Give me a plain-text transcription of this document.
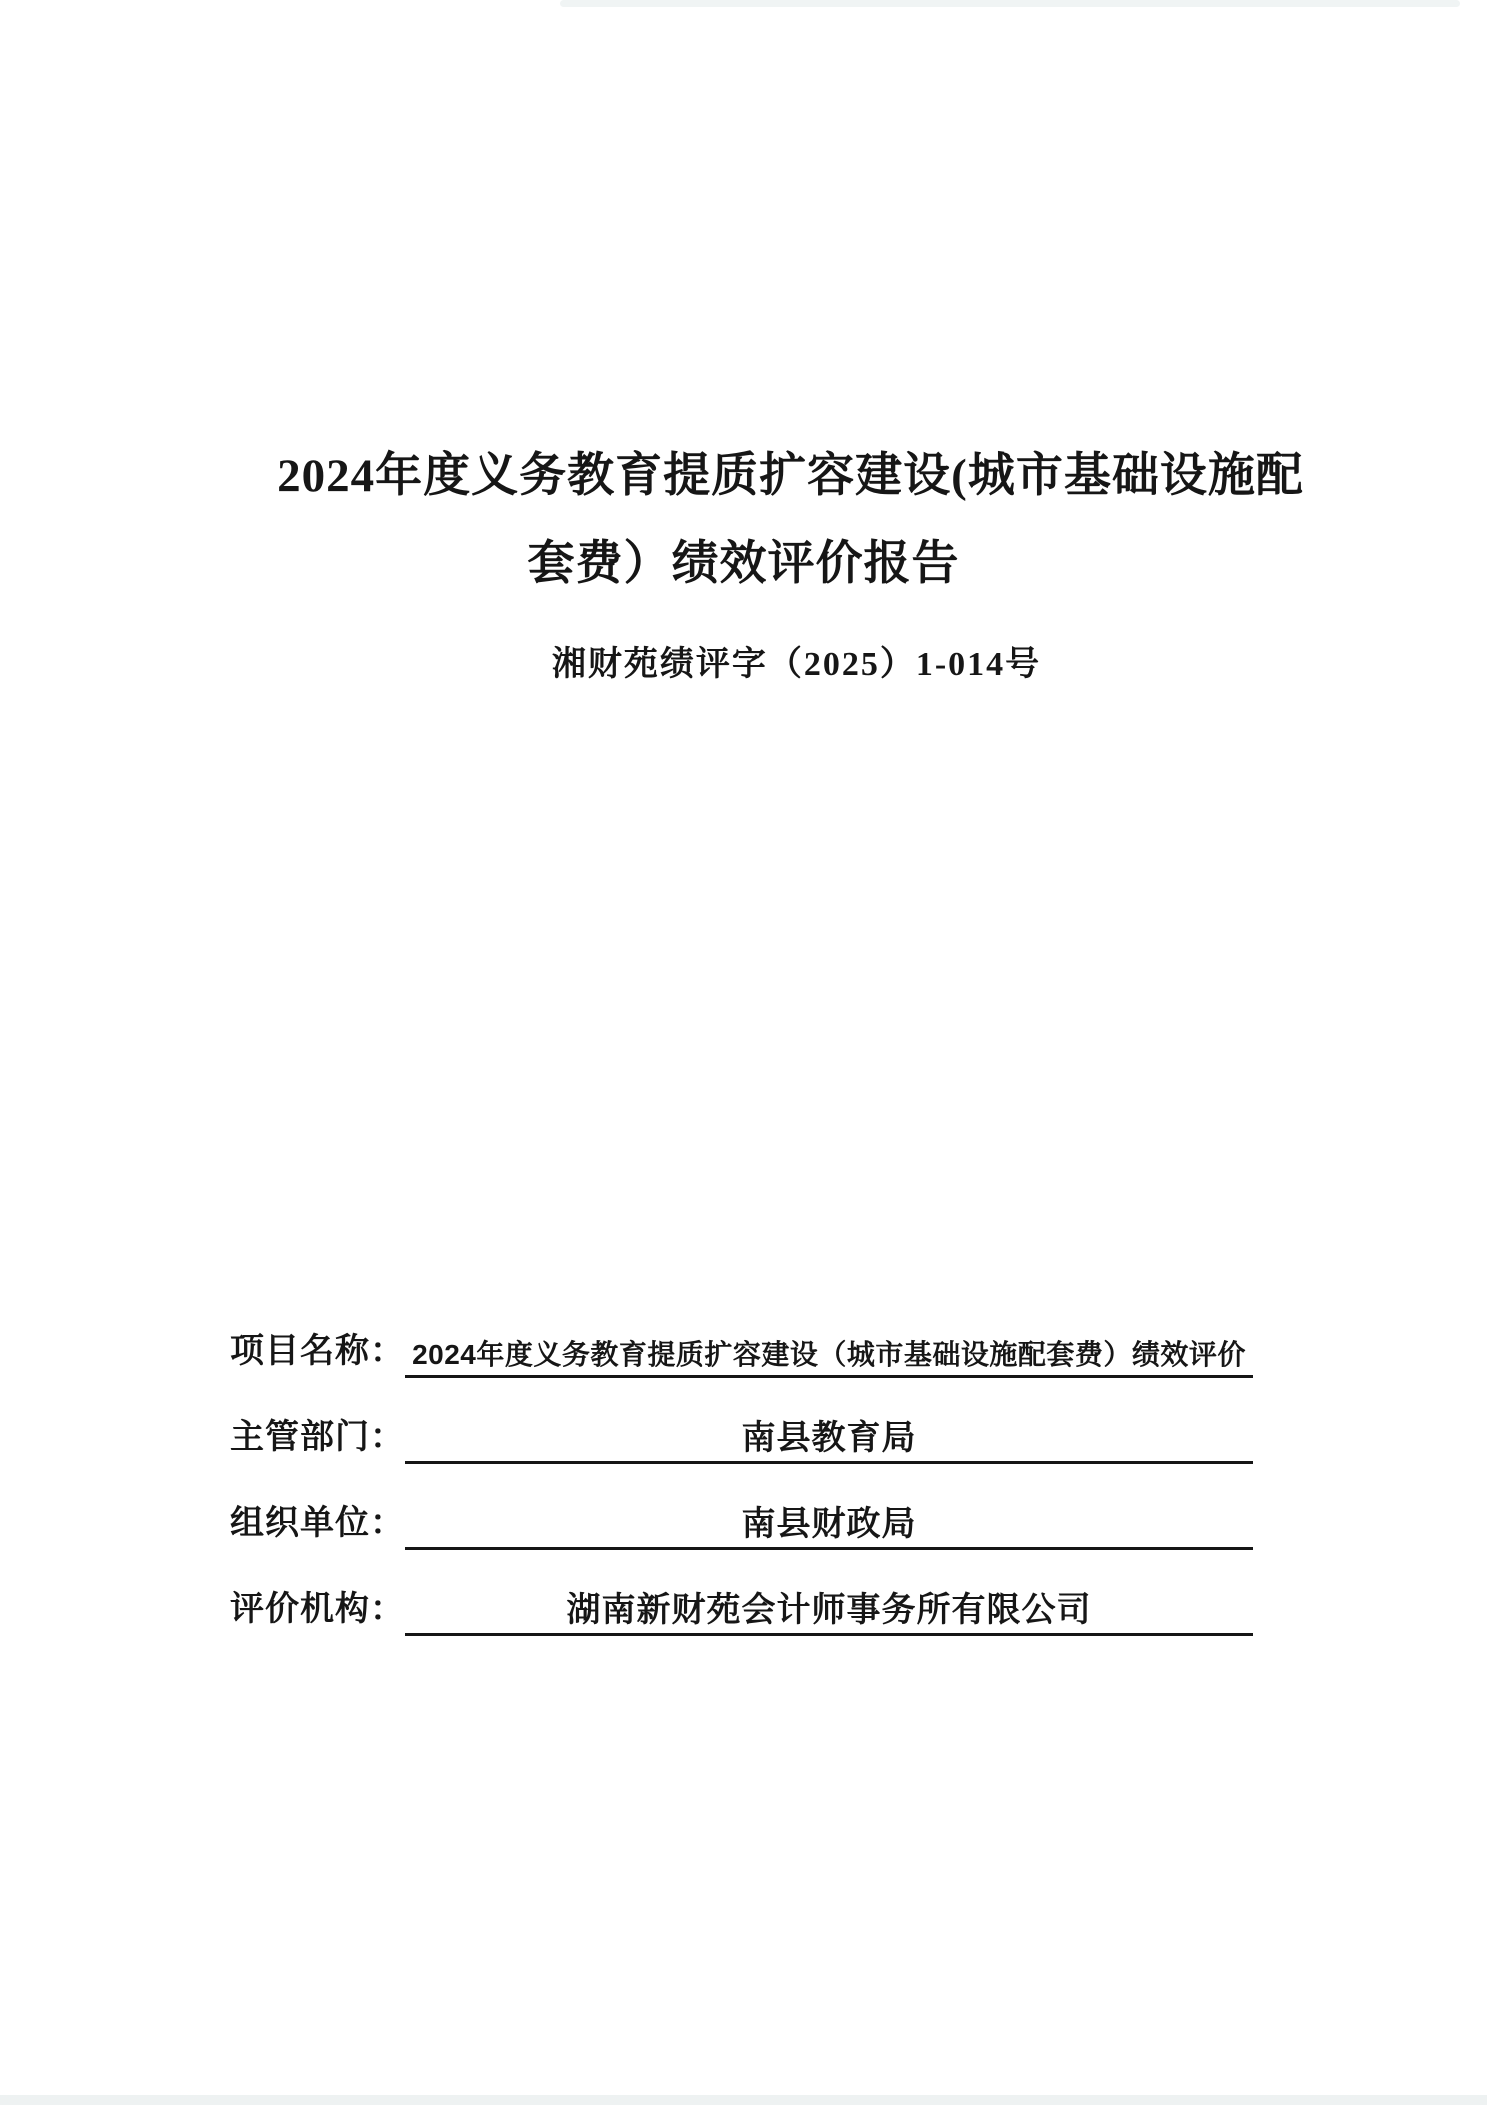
2024年度义务教育提质扩容建设(城市基础设施配
套费）绩效评价报告
湘财苑绩评字（2025）1-014号
项目名称： 2024年度义务教育提质扩容建设（城市基础设施配套费）绩效评价
主管部门：	南县教育局
组织单位：	南县财政局
评价机构：	湖南新财苑会计师事务所有限公司
